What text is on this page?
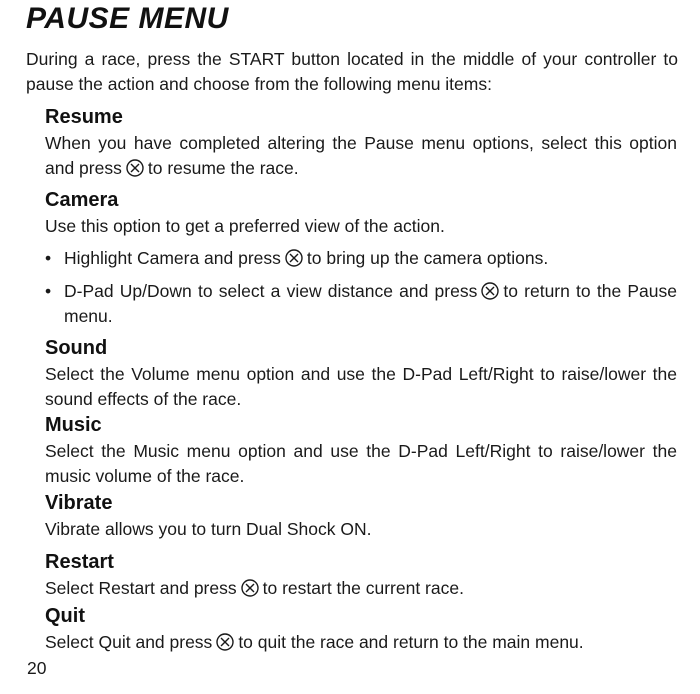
PAUSE MENU
During a race, press the START button located in the middle of your controller to pause the action and choose from the following menu items:
Resume
When you have completed altering the Pause menu options, select this option and press to resume the race.
Camera
Use this option to get a preferred view of the action.
• Highlight Camera and press to bring up the camera options.
• D-Pad Up/Down to select a view distance and press to return to the Pause menu.
Sound
Select the Volume menu option and use the D-Pad Left/Right to raise/lower the sound effects of the race.
Music
Select the Music menu option and use the D-Pad Left/Right to raise/lower the music volume of the race.
Vibrate
Vibrate allows you to turn Dual Shock ON.
Restart
Select Restart and press to restart the current race.
Quit
Select Quit and press to quit the race and return to the main menu.
20
